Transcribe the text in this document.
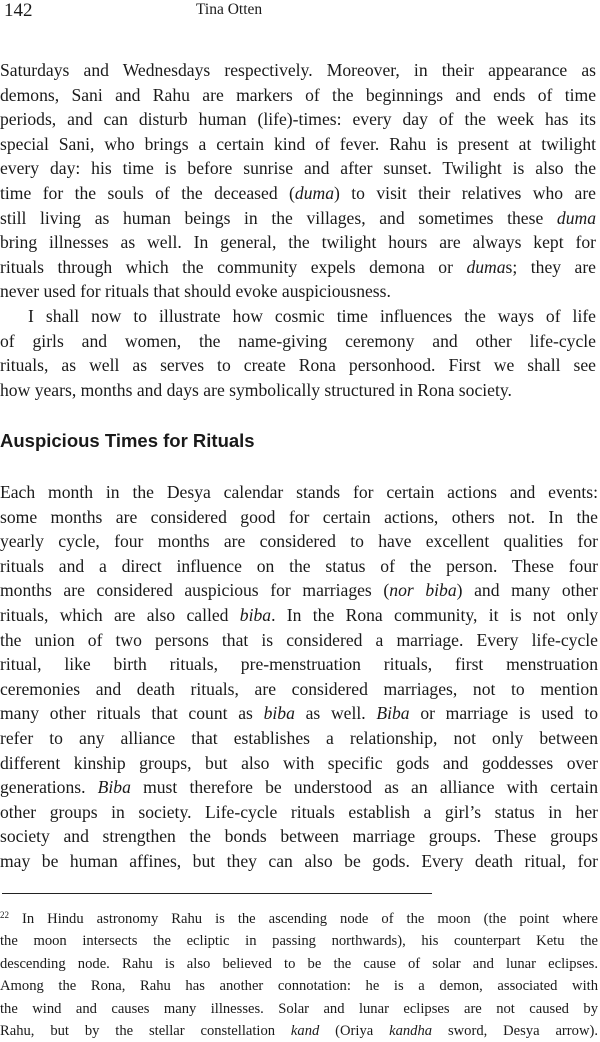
142	Tina Otten

Saturdays and Wednesdays respectively. Moreover, in their appearance as
demons, Sani and Rahu are markers of the beginnings and ends of time
periods, and can disturb human (life)-times: every day of the week has its
special Sani, who brings a certain kind of fever. Rahu is present at twilight
every day: his time is before sunrise and after sunset. Twilight is also the
time for the souls of the deceased (duma) to visit their relatives who are
still living as human beings in the villages, and sometimes these duma
bring illnesses as well. In general, the twilight hours are always kept for
rituals through which the community expels demona or dumas; they are
never used for rituals that should evoke auspiciousness.

I shall now to illustrate how cosmic time influences the ways of life
of girls and women, the name-giving ceremony and other life-cycle
rituals, as well as serves to create Rona personhood. First we shall see
how years, months and days are symbolically structured in Rona society.

Auspicious Times for Rituals
Each month in the Desya calendar stands for certain actions and events:
some months are considered good for certain actions, others not. In the
yearly cycle, four months are considered to have excellent qualities for
rituals and a direct influence on the status of the person. These four
months are considered auspicious for marriages (nor biba) and many other
rituals, which are also called biba. In the Rona community, it is not only
the union of two persons that is considered a marriage. Every life-cycle
ritual, like birth rituals, pre-menstruation rituals, first menstruation
ceremonies and death rituals, are considered marriages, not to mention
many other rituals that count as biba as well. Biba or marriage is used to
refer to any alliance that establishes a relationship, not only between
different kinship groups, but also with specific gods and goddesses over
generations. Biba must therefore be understood as an alliance with certain
other groups in society. Life-cycle rituals establish a girl’s status in her
society and strengthen the bonds between marriage groups. These groups
may be human affines, but they can also be gods. Every death ritual, for
$^{22}$ In Hindu astronomy Rahu is the ascending node of the moon (the point where
the moon intersects the ecliptic in passing northwards), his counterpart Ketu the
descending node. Rahu is also believed to be the cause of solar and lunar eclipses.
Among the Rona, Rahu has another connotation: he is a demon, associated with
the wind and causes many illnesses. Solar and lunar eclipses are not caused by
Rahu, but by the stellar constellation kand (Oriya kandha sword, Desya arrow).
